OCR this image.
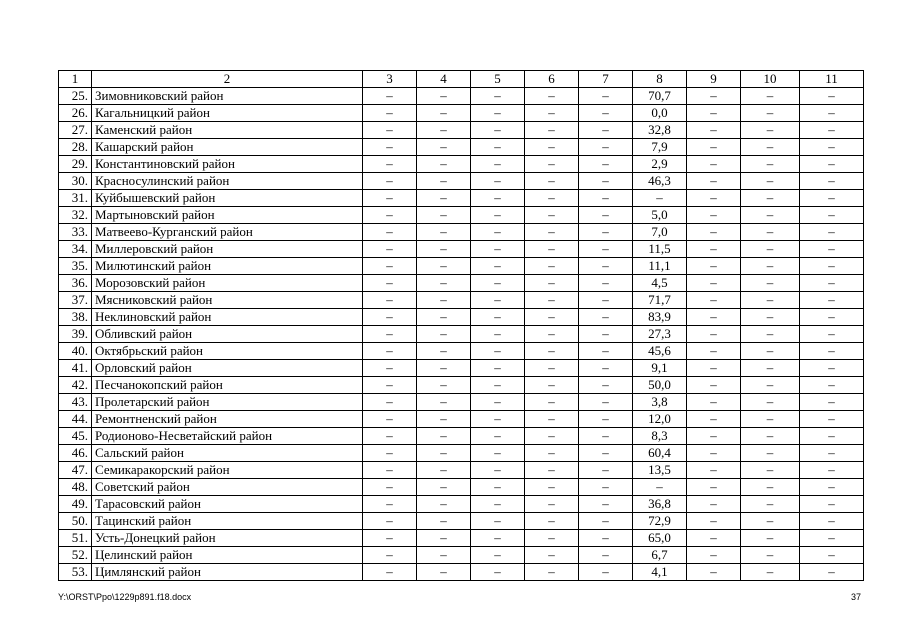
1	2	3	4	5	6	7	8	9	10	11
25.	Зимовниковский район	–	–	–	–	–	70,7	–	–	–
26.	Кагальницкий район	–	–	–	–	–	0,0	–	–	–
27.	Каменский район	–	–	–	–	–	32,8	–	–	–
28.	Кашарский район	–	–	–	–	–	7,9	–	–	–
29.	Константиновский район	–	–	–	–	–	2,9	–	–	–
30.	Красносулинский район	–	–	–	–	–	46,3	–	–	–
31.	Куйбышевский район	–	–	–	–	–	–	–	–	–
32.	Мартыновский район	–	–	–	–	–	5,0	–	–	–
33.	Матвеево-Курганский район	–	–	–	–	–	7,0	–	–	–
34.	Миллеровский район	–	–	–	–	–	11,5	–	–	–
35.	Милютинский район	–	–	–	–	–	11,1	–	–	–
36.	Морозовский район	–	–	–	–	–	4,5	–	–	–
37.	Мясниковский район	–	–	–	–	–	71,7	–	–	–
38.	Неклиновский район	–	–	–	–	–	83,9	–	–	–
39.	Обливский район	–	–	–	–	–	27,3	–	–	–
40.	Октябрьский район	–	–	–	–	–	45,6	–	–	–
41.	Орловский район	–	–	–	–	–	9,1	–	–	–
42.	Песчанокопский район	–	–	–	–	–	50,0	–	–	–
43.	Пролетарский район	–	–	–	–	–	3,8	–	–	–
44.	Ремонтненский район	–	–	–	–	–	12,0	–	–	–
45.	Родионово-Несветайский район	–	–	–	–	–	8,3	–	–	–
46.	Сальский район	–	–	–	–	–	60,4	–	–	–
47.	Семикаракорский район	–	–	–	–	–	13,5	–	–	–
48.	Советский район	–	–	–	–	–	–	–	–	–
49.	Тарасовский район	–	–	–	–	–	36,8	–	–	–
50.	Тацинский район	–	–	–	–	–	72,9	–	–	–
51.	Усть-Донецкий район	–	–	–	–	–	65,0	–	–	–
52.	Целинский район	–	–	–	–	–	6,7	–	–	–
53.	Цимлянский район	–	–	–	–	–	4,1	–	–	–
Y:\ORST\Ppo\1229p891.f18.docx	37
